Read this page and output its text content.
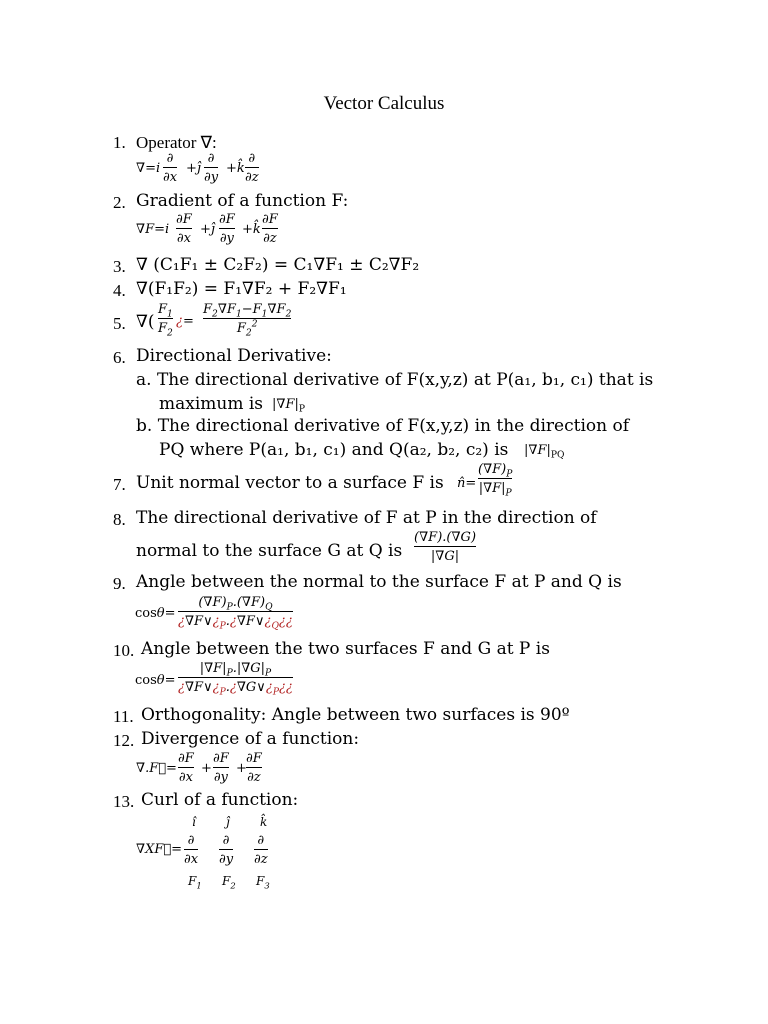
Vector Calculus
1. Operator ∇:
∇=i
∂
∂x
+ĵ
∂
∂y
+k̂
∂
∂z
2. Gradient of a function F:
∇F=i
∂F
∂x
+ĵ
∂F
∂y
+k̂
∂F
∂z
3. ∇ (C₁F₁ ± C₂F₂) = C₁∇F₁ ± C₂∇F₂
4. ∇(F₁F₂) = F₁∇F₂ + F₂∇F₁
5. ∇(
$F_1$
$F_2$
¿=
$F_2\nabla F_1-F_1\nabla F_2$
$F_2^2$
6. Directional Derivative:
a. The directional derivative of F(x,y,z) at P(a₁, b₁, c₁) that is
maximum is $|\nabla F|_P$
b. The directional derivative of F(x,y,z) in the direction of
PQ where P(a₁, b₁, c₁) and Q(a₂, b₂, c₂) is $|\nabla F|_{PQ}$
7. Unit normal vector to a surface F is n̂=
$(\nabla F)_P$
$|\nabla F|_P$
8. The directional derivative of F at P in the direction of
normal to the surface G at Q is
(∇F).(∇G)
|∇G|
9. Angle between the normal to the surface F at P and Q is
cosθ=
$(\nabla F)_P.(\nabla F)_Q$
¿$\nabla F\vee¿_P.¿\nabla F\vee¿_Q¿¿$
10. Angle between the two surfaces F and G at P is
cosθ=
$|\nabla F|_P.|\nabla G|_P$
¿$\nabla F\vee¿_P.¿\nabla G\vee¿_P¿¿$
11. Orthogonality: Angle between two surfaces is 90º
12. Divergence of a function:
∇.F⃗=
∂F
∂x
+
∂F
∂y
+
∂F
∂z
13. Curl of a function:
∇XF⃗=
î	ĵ	k̂
∂
∂x
∂
∂y
∂
∂z
$F_1$ $F_2$ $F_3$
